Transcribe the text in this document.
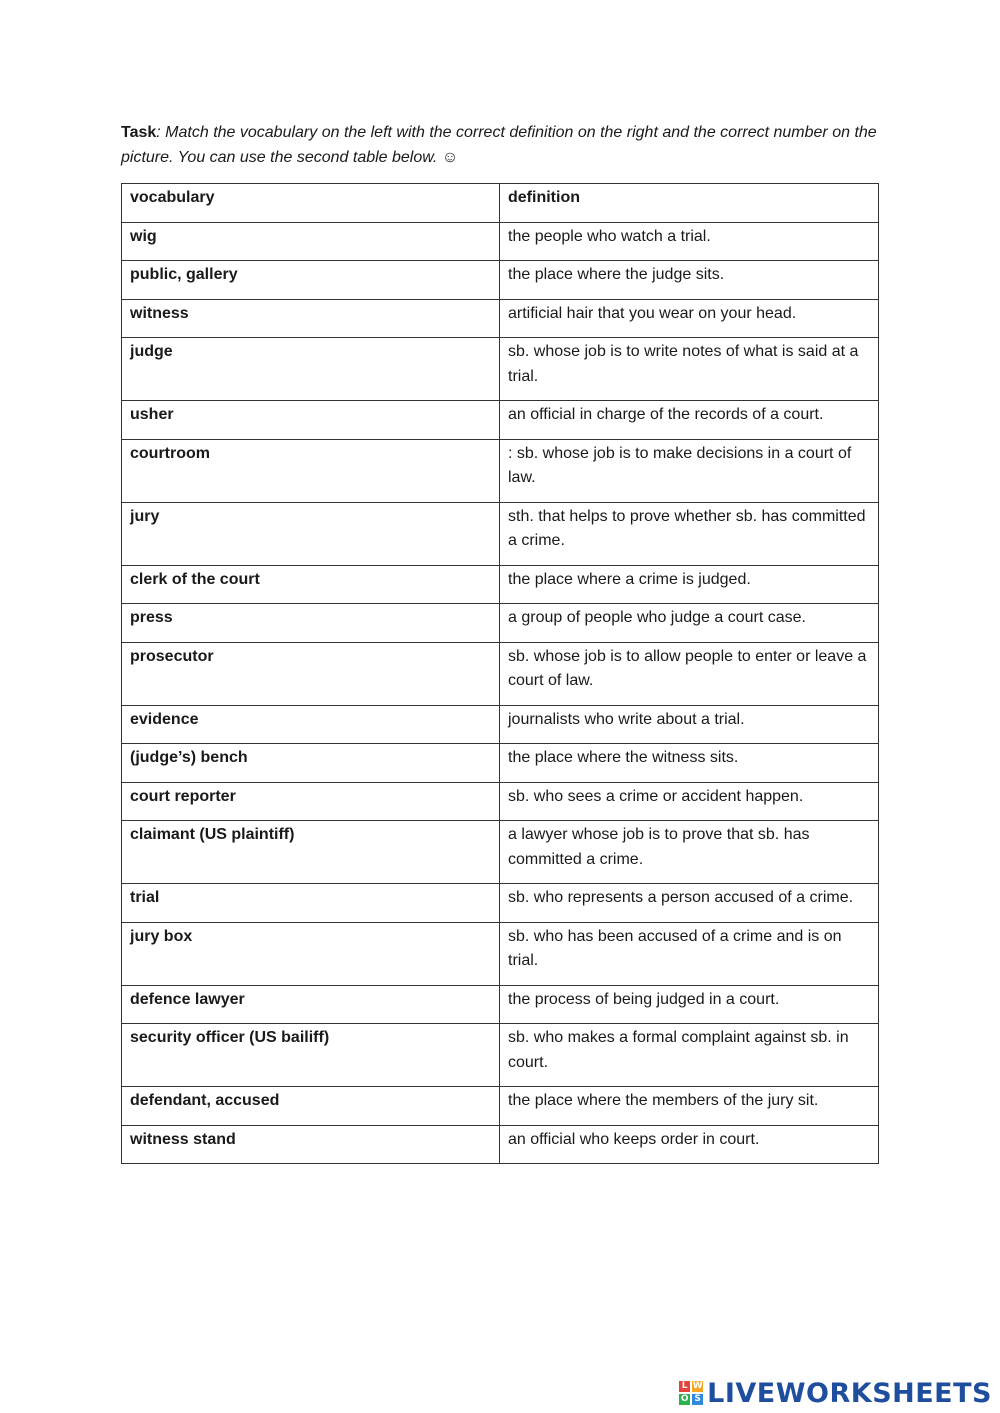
Task: Match the vocabulary on the left with the correct definition on the right and the correct number on the picture. You can use the second table below. ☺
vocabulary	definition
wig	the people who watch a trial.
public, gallery	the place where the judge sits.
witness	artificial hair that you wear on your head.
judge	sb. whose job is to write notes of what is said at a trial.
usher	an official in charge of the records of a court.
courtroom	: sb. whose job is to make decisions in a court of law.
jury	sth. that helps to prove whether sb. has committed a crime.
clerk of the court	the place where a crime is judged.
press	a group of people who judge a court case.
prosecutor	sb. whose job is to allow people to enter or leave a court of law.
evidence	journalists who write about a trial.
(judge’s) bench	the place where the witness sits.
court reporter	sb. who sees a crime or accident happen.
claimant (US plaintiff)	a lawyer whose job is to prove that sb. has committed a crime.
trial	sb. who represents a person accused of a crime.
jury box	sb. who has been accused of a crime and is on trial.
defence lawyer	the process of being judged in a court.
security officer (US bailiff)	sb. who makes a formal complaint against sb. in court.
defendant, accused	the place where the members of the jury sit.
witness stand	an official who keeps order in court.
L W
O S LIVEWORKSHEETS
